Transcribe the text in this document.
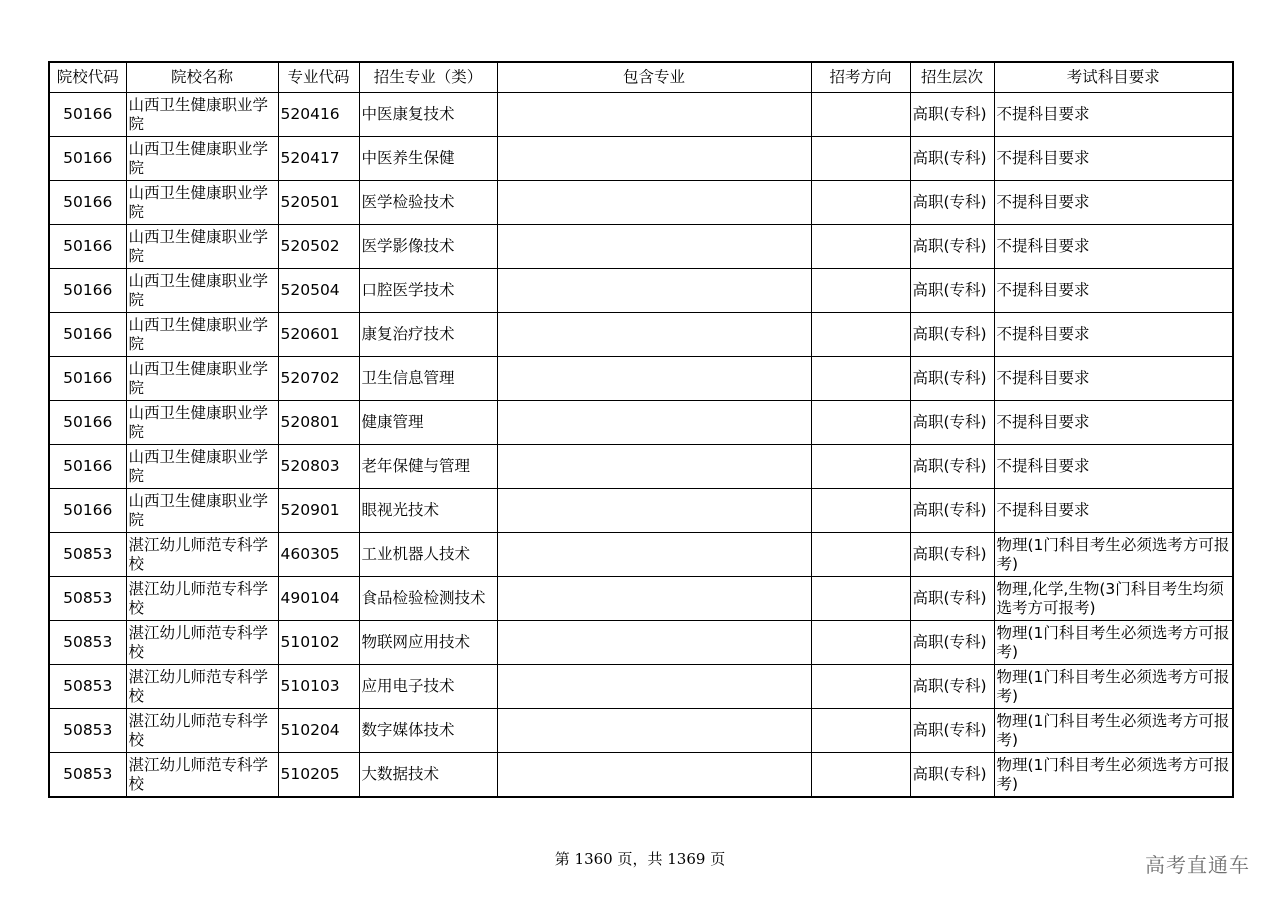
院校代码	院校名称	专业代码	招生专业（类）	包含专业	招考方向	招生层次	考试科目要求
50166	山西卫生健康职业学院	520416	中医康复技术			高职(专科)	不提科目要求
50166	山西卫生健康职业学院	520417	中医养生保健			高职(专科)	不提科目要求
50166	山西卫生健康职业学院	520501	医学检验技术			高职(专科)	不提科目要求
50166	山西卫生健康职业学院	520502	医学影像技术			高职(专科)	不提科目要求
50166	山西卫生健康职业学院	520504	口腔医学技术			高职(专科)	不提科目要求
50166	山西卫生健康职业学院	520601	康复治疗技术			高职(专科)	不提科目要求
50166	山西卫生健康职业学院	520702	卫生信息管理			高职(专科)	不提科目要求
50166	山西卫生健康职业学院	520801	健康管理			高职(专科)	不提科目要求
50166	山西卫生健康职业学院	520803	老年保健与管理			高职(专科)	不提科目要求
50166	山西卫生健康职业学院	520901	眼视光技术			高职(专科)	不提科目要求
50853	湛江幼儿师范专科学校	460305	工业机器人技术			高职(专科)	物理(1门科目考生必须选考方可报考)
50853	湛江幼儿师范专科学校	490104	食品检验检测技术			高职(专科)	物理,化学,生物(3门科目考生均须选考方可报考)
50853	湛江幼儿师范专科学校	510102	物联网应用技术			高职(专科)	物理(1门科目考生必须选考方可报考)
50853	湛江幼儿师范专科学校	510103	应用电子技术			高职(专科)	物理(1门科目考生必须选考方可报考)
50853	湛江幼儿师范专科学校	510204	数字媒体技术			高职(专科)	物理(1门科目考生必须选考方可报考)
50853	湛江幼儿师范专科学校	510205	大数据技术			高职(专科)	物理(1门科目考生必须选考方可报考)
第 1360 页，共 1369 页	高考直通车
